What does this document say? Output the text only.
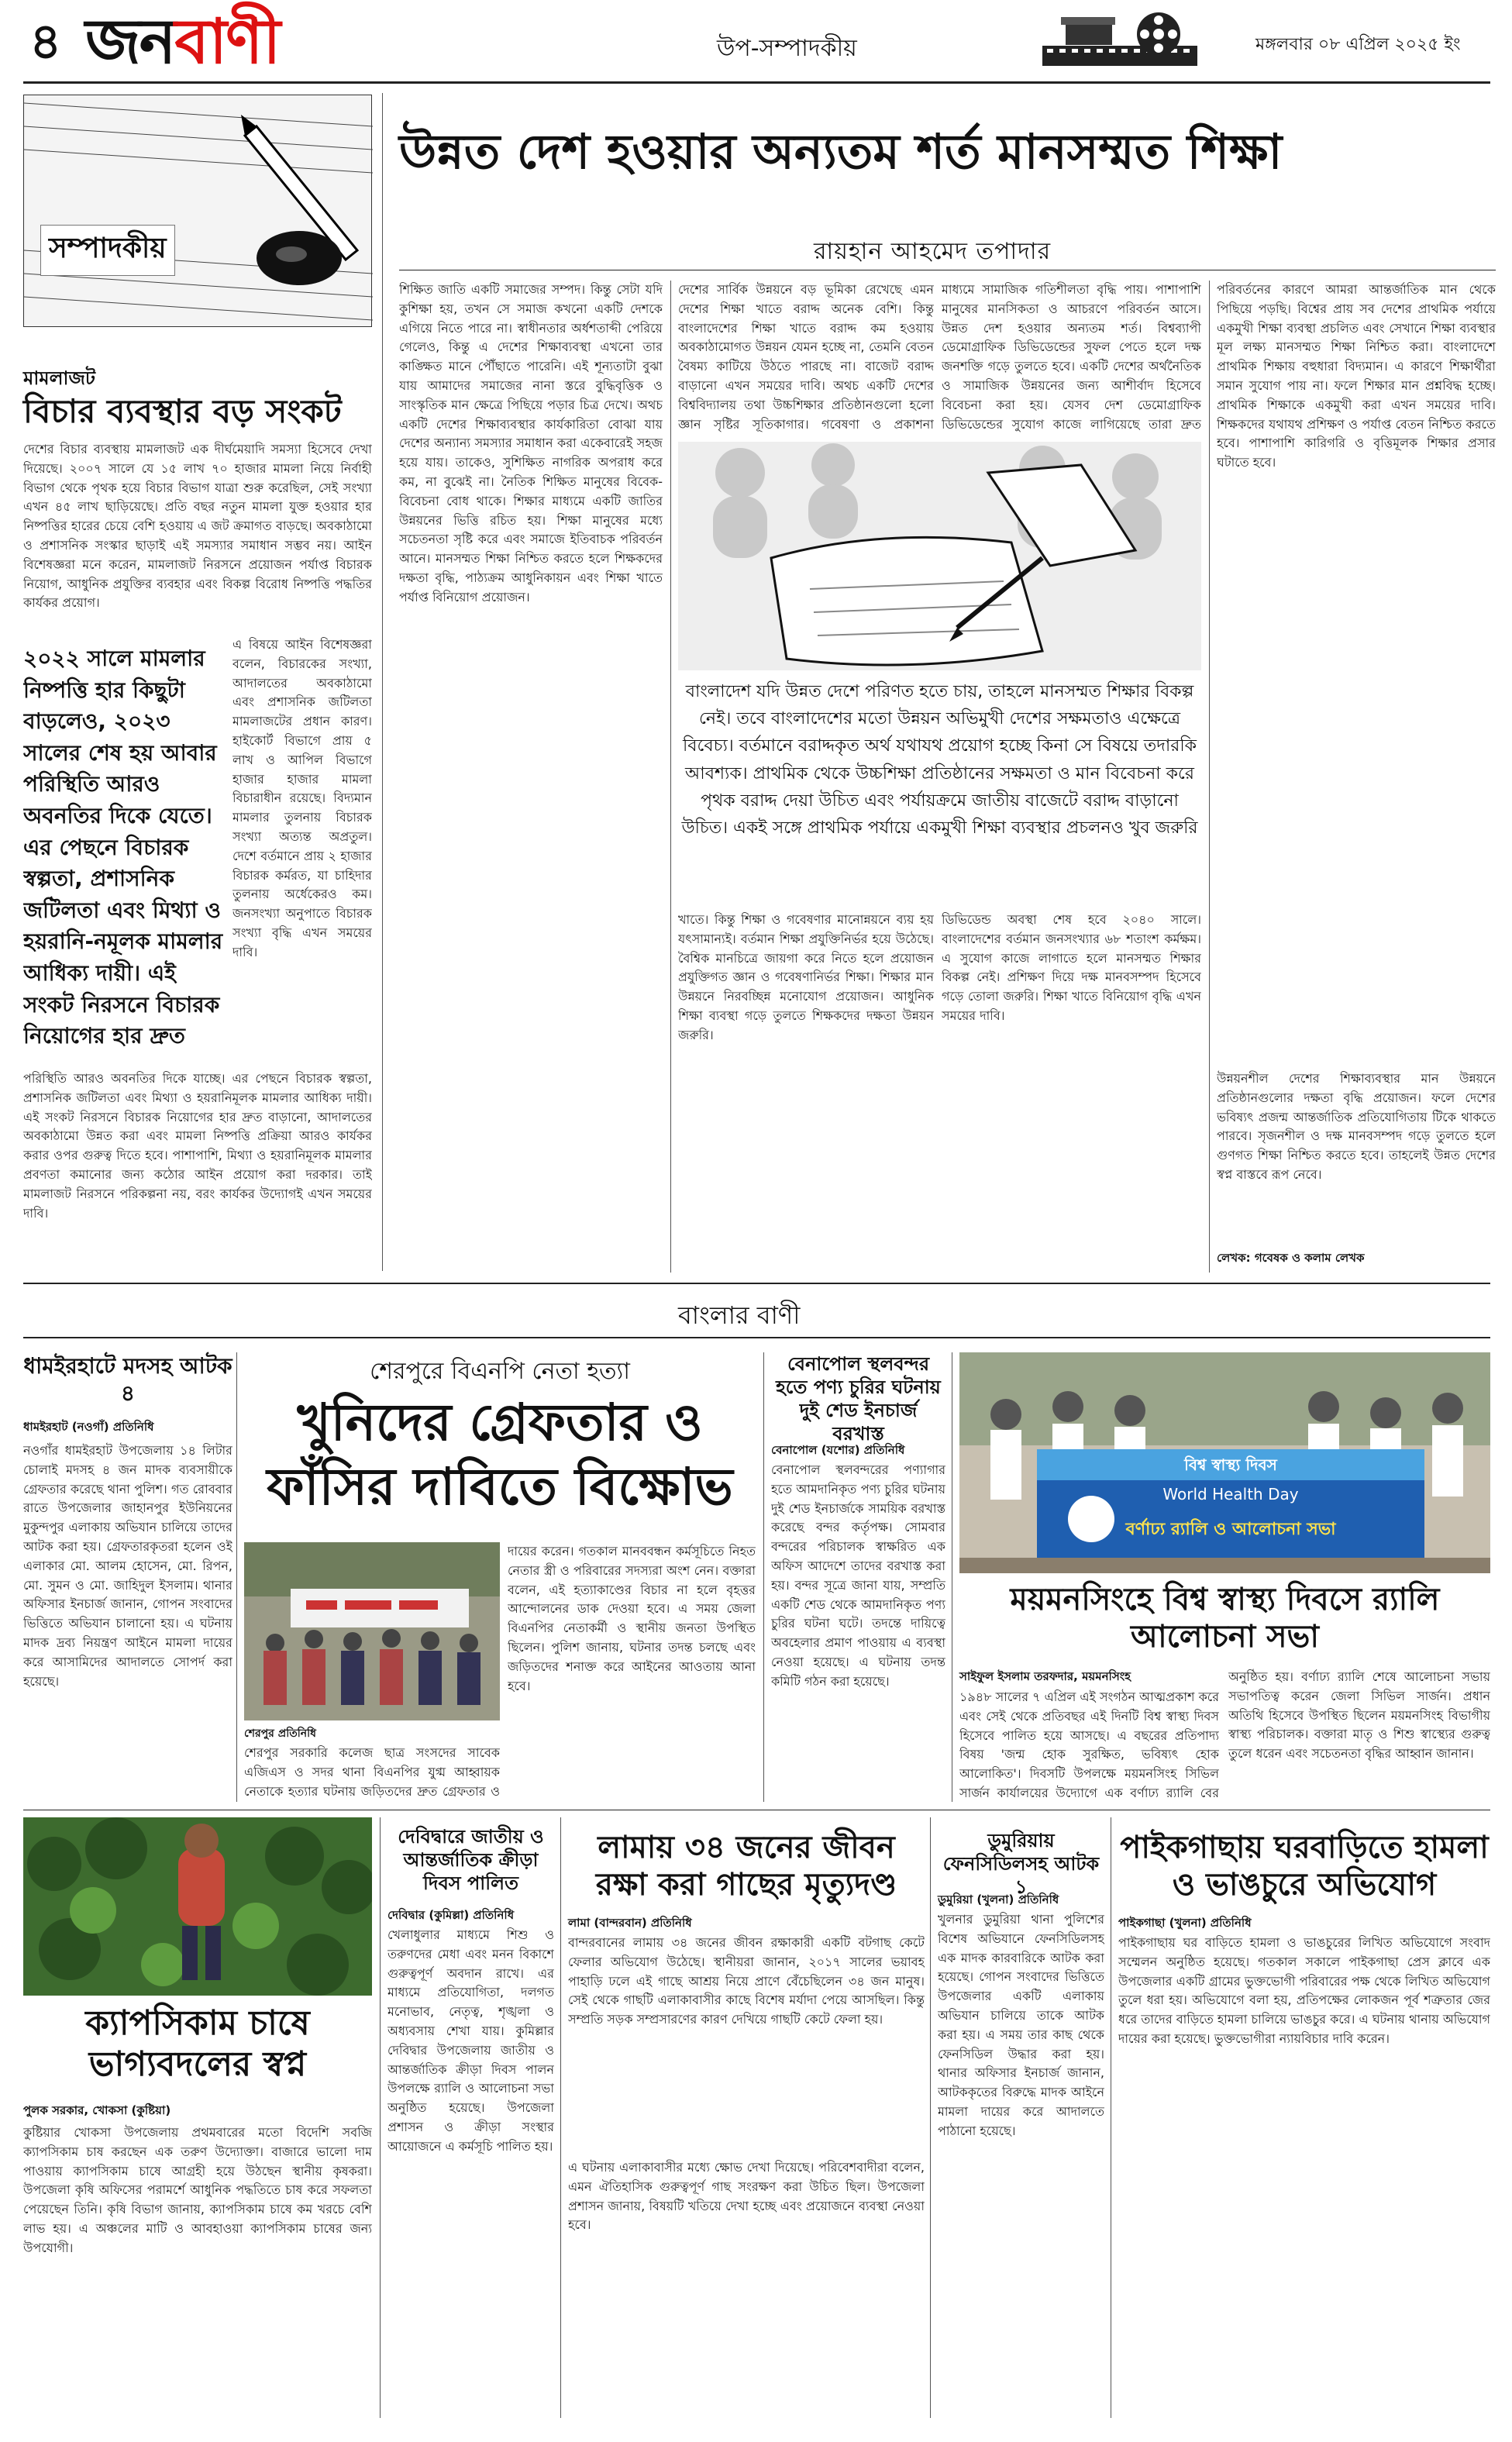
৪ জনবাণী	উপ-সম্পাদকীয়	মঙ্গলবার ০৮ এপ্রিল ২০২৫ ইং
সম্পাদকীয়
মামলাজট
বিচার ব্যবস্থার বড় সংকট
দেশের বিচার ব্যবস্থায় মামলাজট এক দীর্ঘমেয়াদি সমস্যা হিসেবে দেখা দিয়েছে। ২০০৭ সালে যে ১৫ লাখ ৭০ হাজার মামলা নিয়ে নির্বাহী বিভাগ থেকে পৃথক হয়ে বিচার বিভাগ যাত্রা শুরু করেছিল, সেই সংখ্যা এখন ৪৫ লাখ ছাড়িয়েছে। প্রতি বছর নতুন মামলা যুক্ত হওয়ার হার নিষ্পত্তির হারের চেয়ে বেশি হওয়ায় এ জট ক্রমাগত বাড়ছে। অবকাঠামো ও প্রশাসনিক সংস্কার ছাড়াই এই সমস্যার সমাধান সম্ভব নয়। আইন বিশেষজ্ঞরা মনে করেন, মামলাজট নিরসনে প্রয়োজন পর্যাপ্ত বিচারক নিয়োগ, আধুনিক প্রযুক্তির ব্যবহার এবং বিকল্প বিরোধ নিষ্পত্তি পদ্ধতির কার্যকর প্রয়োগ।
এ বিষয়ে আইন বিশেষজ্ঞরা বলেন, বিচারকের সংখ্যা, আদালতের অবকাঠামো এবং প্রশাসনিক জটিলতা মামলাজটের প্রধান কারণ। হাইকোর্ট বিভাগে প্রায় ৫ লাখ ও আপিল বিভাগে হাজার হাজার মামলা বিচারাধীন রয়েছে। বিদ্যমান মামলার তুলনায় বিচারক সংখ্যা অত্যন্ত অপ্রতুল। দেশে বর্তমানে প্রায় ২ হাজার বিচারক কর্মরত, যা চাহিদার তুলনায় অর্ধেকেরও কম। জনসংখ্যা অনুপাতে বিচারক সংখ্যা বৃদ্ধি এখন সময়ের দাবি।
২০২২ সালে মামলার নিষ্পত্তি হার কিছুটা বাড়লেও, ২০২৩ সালের শেষ হয় আবার পরিস্থিতি আরও অবনতির দিকে যেতে। এর পেছনে বিচারক স্বল্পতা, প্রশাসনিক জটিলতা এবং মিথ্যা ও হয়রানি-নমূলক মামলার আধিক্য দায়ী। এই সংকট নিরসনে বিচারক নিয়োগের হার দ্রুত
পরিস্থিতি আরও অবনতির দিকে যাচ্ছে। এর পেছনে বিচারক স্বল্পতা, প্রশাসনিক জটিলতা এবং মিথ্যা ও হয়রানিমূলক মামলার আধিক্য দায়ী। এই সংকট নিরসনে বিচারক নিয়োগের হার দ্রুত বাড়ানো, আদালতের অবকাঠামো উন্নত করা এবং মামলা নিষ্পত্তি প্রক্রিয়া আরও কার্যকর করার ওপর গুরুত্ব দিতে হবে। পাশাপাশি, মিথ্যা ও হয়রানিমূলক মামলার প্রবণতা কমানোর জন্য কঠোর আইন প্রয়োগ করা দরকার। তাই মামলাজট নিরসনে পরিকল্পনা নয়, বরং কার্যকর উদ্যোগই এখন সময়ের দাবি।
উন্নত দেশ হওয়ার অন্যতম শর্ত মানসম্মত শিক্ষা
রায়হান আহমেদ তপাদার
শিক্ষিত জাতি একটি সমাজের সম্পদ। কিন্তু সেটা যদি কুশিক্ষা হয়, তখন সে সমাজ কখনো একটি দেশকে এগিয়ে নিতে পারে না। স্বাধীনতার অর্ধশতাব্দী পেরিয়ে গেলেও, কিন্তু এ দেশের শিক্ষাব্যবস্থা এখনো তার কাঙ্ক্ষিত মানে পৌঁছাতে পারেনি। এই শূন্যতাটা বুঝা যায় আমাদের সমাজের নানা স্তরে বুদ্ধিবৃত্তিক ও সাংস্কৃতিক মান ক্ষেত্রে পিছিয়ে পড়ার চিত্র দেখে। অথচ একটি দেশের শিক্ষাব্যবস্থার কার্যকারিতা বোঝা যায় দেশের অন্যান্য সমস্যার সমাধান করা একেবারেই সহজ হয়ে যায়। তাকেও, সুশিক্ষিত নাগরিক অপরাধ করে কম, না বুঝেই না। নৈতিক শিক্ষিত মানুষের বিবেক-বিবেচনা বোধ থাকে। শিক্ষার মাধ্যমে একটি জাতির উন্নয়নের ভিত্তি রচিত হয়। শিক্ষা মানুষের মধ্যে সচেতনতা সৃষ্টি করে এবং সমাজে ইতিবাচক পরিবর্তন আনে। মানসম্মত শিক্ষা নিশ্চিত করতে হলে শিক্ষকদের দক্ষতা বৃদ্ধি, পাঠ্যক্রম আধুনিকায়ন এবং শিক্ষা খাতে পর্যাপ্ত বিনিয়োগ প্রয়োজন।
দেশের সার্বিক উন্নয়নে বড় ভূমিকা রেখেছে এমন দেশের শিক্ষা খাতে বরাদ্দ অনেক বেশি। কিন্তু বাংলাদেশের শিক্ষা খাতে বরাদ্দ কম হওয়ায় অবকাঠামোগত উন্নয়ন যেমন হচ্ছে না, তেমনি বেতন বৈষম্য কাটিয়ে উঠতে পারছে না। বাজেট বরাদ্দ বাড়ানো এখন সময়ের দাবি। অথচ একটি দেশের বিশ্ববিদ্যালয় তথা উচ্চশিক্ষার প্রতিষ্ঠানগুলো হলো জ্ঞান সৃষ্টির সূতিকাগার। গবেষণা ও প্রকাশনা
মাধ্যমে সামাজিক গতিশীলতা বৃদ্ধি পায়। পাশাপাশি মানুষের মানসিকতা ও আচরণে পরিবর্তন আসে। উন্নত দেশ হওয়ার অন্যতম শর্ত। বিশ্বব্যাপী ডেমোগ্রাফিক ডিভিডেন্ডের সুফল পেতে হলে দক্ষ জনশক্তি গড়ে তুলতে হবে। একটি দেশের অর্থনৈতিক ও সামাজিক উন্নয়নের জন্য আশীর্বাদ হিসেবে বিবেচনা করা হয়। যেসব দেশ ডেমোগ্রাফিক ডিভিডেন্ডের সুযোগ কাজে লাগিয়েছে তারা দ্রুত
পরিবর্তনের কারণে আমরা আন্তর্জাতিক মান থেকে পিছিয়ে পড়ছি। বিশ্বের প্রায় সব দেশের প্রাথমিক পর্যায়ে একমুখী শিক্ষা ব্যবস্থা প্রচলিত এবং সেখানে শিক্ষা ব্যবস্থার মূল লক্ষ্য মানসম্মত শিক্ষা নিশ্চিত করা। বাংলাদেশে প্রাথমিক শিক্ষায় বহুধারা বিদ্যমান। এ কারণে শিক্ষার্থীরা সমান সুযোগ পায় না। ফলে শিক্ষার মান প্রশ্নবিদ্ধ হচ্ছে। প্রাথমিক শিক্ষাকে একমুখী করা এখন সময়ের দাবি। শিক্ষকদের যথাযথ প্রশিক্ষণ ও পর্যাপ্ত বেতন নিশ্চিত করতে হবে। পাশাপাশি কারিগরি ও বৃত্তিমূলক শিক্ষার প্রসার ঘটাতে হবে।
বাংলাদেশ যদি উন্নত দেশে পরিণত হতে চায়, তাহলে মানসম্মত শিক্ষার বিকল্প নেই। তবে বাংলাদেশের মতো উন্নয়ন অভিমুখী দেশের সক্ষমতাও এক্ষেত্রে বিবেচ্য। বর্তমানে বরাদ্দকৃত অর্থ যথাযথ প্রয়োগ হচ্ছে কিনা সে বিষয়ে তদারকি আবশ্যক। প্রাথমিক থেকে উচ্চশিক্ষা প্রতিষ্ঠানের সক্ষমতা ও মান বিবেচনা করে পৃথক বরাদ্দ দেয়া উচিত এবং পর্যায়ক্রমে জাতীয় বাজেটে বরাদ্দ বাড়ানো উচিত। একই সঙ্গে প্রাথমিক পর্যায়ে একমুখী শিক্ষা ব্যবস্থার প্রচলনও খুব জরুরি
খাতে। কিন্তু শিক্ষা ও গবেষণার মানোন্নয়নে ব্যয় হয় যৎসামান্যই। বর্তমান শিক্ষা প্রযুক্তিনির্ভর হয়ে উঠেছে। বৈশ্বিক মানচিত্রে জায়গা করে নিতে হলে প্রয়োজন প্রযুক্তিগত জ্ঞান ও গবেষণানির্ভর শিক্ষা। শিক্ষার মান উন্নয়নে নিরবচ্ছিন্ন মনোযোগ প্রয়োজন। আধুনিক শিক্ষা ব্যবস্থা গড়ে তুলতে শিক্ষকদের দক্ষতা উন্নয়ন জরুরি।
ডিভিডেন্ড অবস্থা শেষ হবে ২০৪০ সালে। বাংলাদেশের বর্তমান জনসংখ্যার ৬৮ শতাংশ কর্মক্ষম। এ সুযোগ কাজে লাগাতে হলে মানসম্মত শিক্ষার বিকল্প নেই। প্রশিক্ষণ দিয়ে দক্ষ মানবসম্পদ হিসেবে গড়ে তোলা জরুরি। শিক্ষা খাতে বিনিয়োগ বৃদ্ধি এখন সময়ের দাবি।
উন্নয়নশীল দেশের শিক্ষাব্যবস্থার মান উন্নয়নে প্রতিষ্ঠানগুলোর দক্ষতা বৃদ্ধি প্রয়োজন। ফলে দেশের ভবিষ্যৎ প্রজন্ম আন্তর্জাতিক প্রতিযোগিতায় টিকে থাকতে পারবে। সৃজনশীল ও দক্ষ মানবসম্পদ গড়ে তুলতে হলে গুণগত শিক্ষা নিশ্চিত করতে হবে। তাহলেই উন্নত দেশের স্বপ্ন বাস্তবে রূপ নেবে।
লেখক: গবেষক ও কলাম লেখক
বাংলার বাণী
ধামইরহাটে মদসহ আটক ৪
ধামইরহাট (নওগাঁ) প্রতিনিধি
নওগাঁর ধামইরহাট উপজেলায় ১৪ লিটার চোলাই মদসহ ৪ জন মাদক ব্যবসায়ীকে গ্রেফতার করেছে থানা পুলিশ। গত রোববার রাতে উপজেলার জাহানপুর ইউনিয়নের মুকুন্দপুর এলাকায় অভিযান চালিয়ে তাদের আটক করা হয়। গ্রেফতারকৃতরা হলেন ওই এলাকার মো. আলম হোসেন, মো. রিপন, মো. সুমন ও মো. জাহিদুল ইসলাম। থানার অফিসার ইনচার্জ জানান, গোপন সংবাদের ভিত্তিতে অভিযান চালানো হয়। এ ঘটনায় মাদক দ্রব্য নিয়ন্ত্রণ আইনে মামলা দায়ের করে আসামিদের আদালতে সোপর্দ করা হয়েছে।
শেরপুরে বিএনপি নেতা হত্যা
খুনিদের গ্রেফতার ও ফাঁসির দাবিতে বিক্ষোভ
শেরপুর প্রতিনিধি
শেরপুর সরকারি কলেজ ছাত্র সংসদের সাবেক এজিএস ও সদর থানা বিএনপির যুগ্ম আহ্বায়ক নেতাকে হত্যার ঘটনায় জড়িতদের দ্রুত গ্রেফতার ও
দায়ের করেন। গতকাল মানববন্ধন কর্মসূচিতে নিহত নেতার স্ত্রী ও পরিবারের সদস্যরা অংশ নেন। বক্তারা বলেন, এই হত্যাকাণ্ডের বিচার না হলে বৃহত্তর আন্দোলনের ডাক দেওয়া হবে। এ সময় জেলা বিএনপির নেতাকর্মী ও স্থানীয় জনতা উপস্থিত ছিলেন। পুলিশ জানায়, ঘটনার তদন্ত চলছে এবং জড়িতদের শনাক্ত করে আইনের আওতায় আনা হবে।
বেনাপোল স্থলবন্দর হতে পণ্য চুরির ঘটনায় দুই শেড ইনচার্জ বরখাস্ত
বেনাপোল (যশোর) প্রতিনিধি
বেনাপোল স্থলবন্দরের পণ্যাগার হতে আমদানিকৃত পণ্য চুরির ঘটনায় দুই শেড ইনচার্জকে সাময়িক বরখাস্ত করেছে বন্দর কর্তৃপক্ষ। সোমবার বন্দরের পরিচালক স্বাক্ষরিত এক অফিস আদেশে তাদের বরখাস্ত করা হয়। বন্দর সূত্রে জানা যায়, সম্প্রতি একটি শেড থেকে আমদানিকৃত পণ্য চুরির ঘটনা ঘটে। তদন্তে দায়িত্বে অবহেলার প্রমাণ পাওয়ায় এ ব্যবস্থা নেওয়া হয়েছে। এ ঘটনায় তদন্ত কমিটি গঠন করা হয়েছে।
বিশ্ব স্বাস্থ্য দিবস
World Health Day
বর্ণাঢ্য র‌্যালি ও আলোচনা সভা
ময়মনসিংহে বিশ্ব স্বাস্থ্য দিবসে র‌্যালি আলোচনা সভা
সাইফুল ইসলাম তরফদার, ময়মনসিংহ
১৯৪৮ সালের ৭ এপ্রিল এই সংগঠন আত্মপ্রকাশ করে এবং সেই থেকে প্রতিবছর এই দিনটি বিশ্ব স্বাস্থ্য দিবস হিসেবে পালিত হয়ে আসছে। এ বছরের প্রতিপাদ্য বিষয় 'জন্ম হোক সুরক্ষিত, ভবিষ্যৎ হোক আলোকিত'। দিবসটি উপলক্ষে ময়মনসিংহ সিভিল সার্জন কার্যালয়ের উদ্যোগে এক বর্ণাঢ্য র‌্যালি বের
অনুষ্ঠিত হয়। বর্ণাঢ্য র‌্যালি শেষে আলোচনা সভায় সভাপতিত্ব করেন জেলা সিভিল সার্জন। প্রধান অতিথি হিসেবে উপস্থিত ছিলেন ময়মনসিংহ বিভাগীয় স্বাস্থ্য পরিচালক। বক্তারা মাতৃ ও শিশু স্বাস্থ্যের গুরুত্ব তুলে ধরেন এবং সচেতনতা বৃদ্ধির আহ্বান জানান।
ক্যাপসিকাম চাষে ভাগ্যবদলের স্বপ্ন
পুলক সরকার, খোকসা (কুষ্টিয়া)
কুষ্টিয়ার খোকসা উপজেলায় প্রথমবারের মতো বিদেশি সবজি ক্যাপসিকাম চাষ করছেন এক তরুণ উদ্যোক্তা। বাজারে ভালো দাম পাওয়ায় ক্যাপসিকাম চাষে আগ্রহী হয়ে উঠছেন স্থানীয় কৃষকরা। উপজেলা কৃষি অফিসের পরামর্শে আধুনিক পদ্ধতিতে চাষ করে সফলতা পেয়েছেন তিনি। কৃষি বিভাগ জানায়, ক্যাপসিকাম চাষে কম খরচে বেশি লাভ হয়। এ অঞ্চলের মাটি ও আবহাওয়া ক্যাপসিকাম চাষের জন্য উপযোগী।
দেবিদ্বারে জাতীয় ও আন্তর্জাতিক ক্রীড়া দিবস পালিত
দেবিদ্বার (কুমিল্লা) প্রতিনিধি
খেলাধুলার মাধ্যমে শিশু ও তরুণদের মেধা এবং মনন বিকাশে গুরুত্বপূর্ণ অবদান রাখে। এর মাধ্যমে প্রতিযোগিতা, দলগত মনোভাব, নেতৃত্ব, শৃঙ্খলা ও অধ্যবসায় শেখা যায়। কুমিল্লার দেবিদ্বার উপজেলায় জাতীয় ও আন্তর্জাতিক ক্রীড়া দিবস পালন উপলক্ষে র‌্যালি ও আলোচনা সভা অনুষ্ঠিত হয়েছে। উপজেলা প্রশাসন ও ক্রীড়া সংস্থার আয়োজনে এ কর্মসূচি পালিত হয়।
লামায় ৩৪ জনের জীবন রক্ষা করা গাছের মৃত্যুদণ্ড
লামা (বান্দরবান) প্রতিনিধি
বান্দরবানের লামায় ৩৪ জনের জীবন রক্ষাকারী একটি বটগাছ কেটে ফেলার অভিযোগ উঠেছে। স্থানীয়রা জানান, ২০১৭ সালের ভয়াবহ পাহাড়ি ঢলে এই গাছে আশ্রয় নিয়ে প্রাণে বেঁচেছিলেন ৩৪ জন মানুষ। সেই থেকে গাছটি এলাকাবাসীর কাছে বিশেষ মর্যাদা পেয়ে আসছিল। কিন্তু সম্প্রতি সড়ক সম্প্রসারণের কারণ দেখিয়ে গাছটি কেটে ফেলা হয়।
এ ঘটনায় এলাকাবাসীর মধ্যে ক্ষোভ দেখা দিয়েছে। পরিবেশবাদীরা বলেন, এমন ঐতিহাসিক গুরুত্বপূর্ণ গাছ সংরক্ষণ করা উচিত ছিল। উপজেলা প্রশাসন জানায়, বিষয়টি খতিয়ে দেখা হচ্ছে এবং প্রয়োজনে ব্যবস্থা নেওয়া হবে।
ডুমুরিয়ায় ফেনসিডিলসহ আটক ১
ডুমুরিয়া (খুলনা) প্রতিনিধি
খুলনার ডুমুরিয়া থানা পুলিশের বিশেষ অভিযানে ফেনসিডিলসহ এক মাদক কারবারিকে আটক করা হয়েছে। গোপন সংবাদের ভিত্তিতে উপজেলার একটি এলাকায় অভিযান চালিয়ে তাকে আটক করা হয়। এ সময় তার কাছ থেকে ফেনসিডিল উদ্ধার করা হয়। থানার অফিসার ইনচার্জ জানান, আটককৃতের বিরুদ্ধে মাদক আইনে মামলা দায়ের করে আদালতে পাঠানো হয়েছে।
পাইকগাছায় ঘরবাড়িতে হামলা ও ভাঙচুরে অভিযোগ
পাইকগাছা (খুলনা) প্রতিনিধি
পাইকগাছায় ঘর বাড়িতে হামলা ও ভাঙচুরের লিখিত অভিযোগে সংবাদ সম্মেলন অনুষ্ঠিত হয়েছে। গতকাল সকালে পাইকগাছা প্রেস ক্লাবে এক উপজেলার একটি গ্রামের ভুক্তভোগী পরিবারের পক্ষ থেকে লিখিত অভিযোগ তুলে ধরা হয়। অভিযোগে বলা হয়, প্রতিপক্ষের লোকজন পূর্ব শত্রুতার জের ধরে তাদের বাড়িতে হামলা চালিয়ে ভাঙচুর করে। এ ঘটনায় থানায় অভিযোগ দায়ের করা হয়েছে। ভুক্তভোগীরা ন্যায়বিচার দাবি করেন।
